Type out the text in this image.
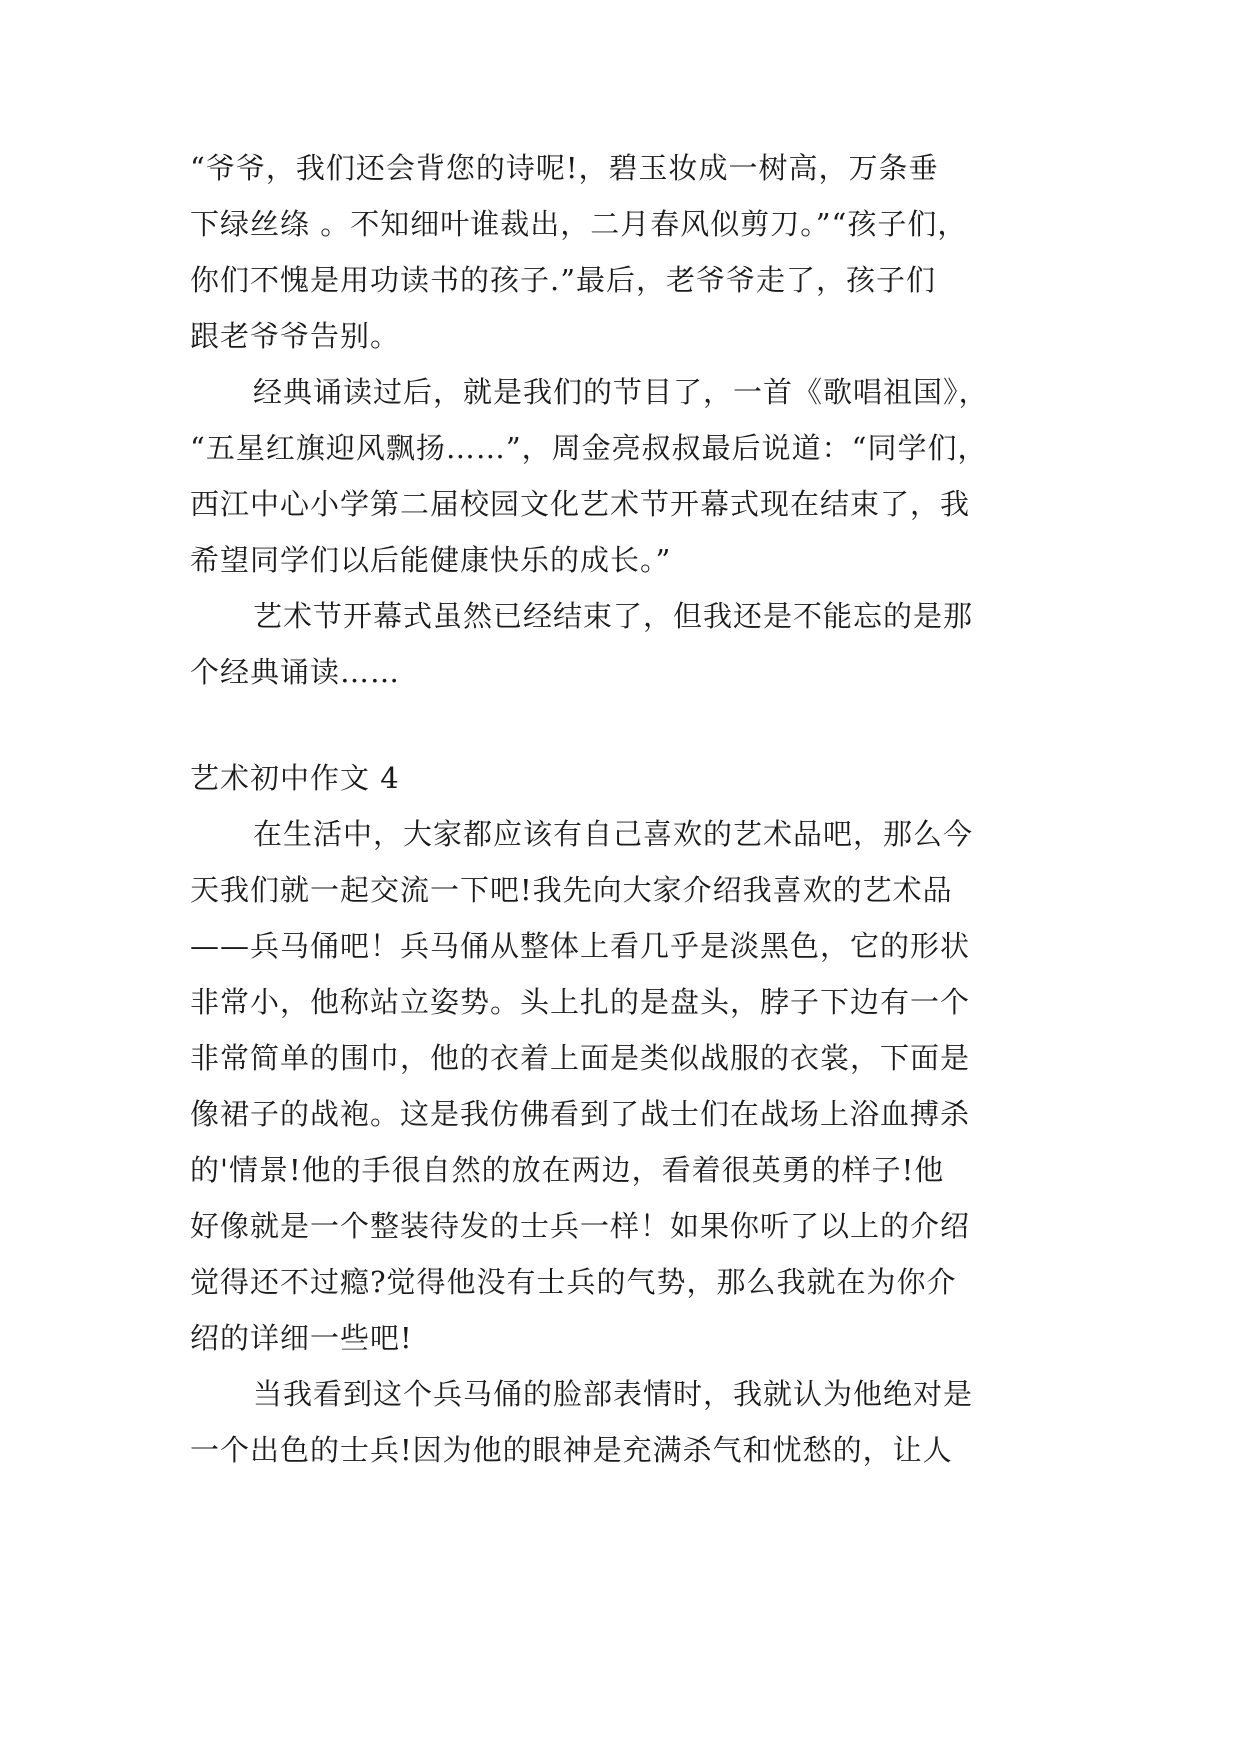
“爷爷，我们还会背您的诗呢!，碧玉妆成一树高，万条垂
下绿丝绦 。不知细叶谁裁出，二月春风似剪刀。”“孩子们，
你们不愧是用功读书的孩子.”最后，老爷爷走了，孩子们
跟老爷爷告别。
经典诵读过后，就是我们的节目了，一首《歌唱祖国》，
“五星红旗迎风飘扬……”，周金亮叔叔最后说道：“同学们，
西江中心小学第二届校园文化艺术节开幕式现在结束了，我
希望同学们以后能健康快乐的成长。”
艺术节开幕式虽然已经结束了，但我还是不能忘的是那
个经典诵读……
艺术初中作文 4
在生活中，大家都应该有自己喜欢的艺术品吧，那么今
天我们就一起交流一下吧!我先向大家介绍我喜欢的艺术品
——兵马俑吧！兵马俑从整体上看几乎是淡黑色，它的形状
非常小，他称站立姿势。头上扎的是盘头，脖子下边有一个
非常简单的围巾，他的衣着上面是类似战服的衣裳，下面是
像裙子的战袍。这是我仿佛看到了战士们在战场上浴血搏杀
的'情景!他的手很自然的放在两边，看着很英勇的样子!他
好像就是一个整装待发的士兵一样！如果你听了以上的介绍
觉得还不过瘾?觉得他没有士兵的气势，那么我就在为你介
绍的详细一些吧!
当我看到这个兵马俑的脸部表情时，我就认为他绝对是
一个出色的士兵!因为他的眼神是充满杀气和忧愁的，让人
